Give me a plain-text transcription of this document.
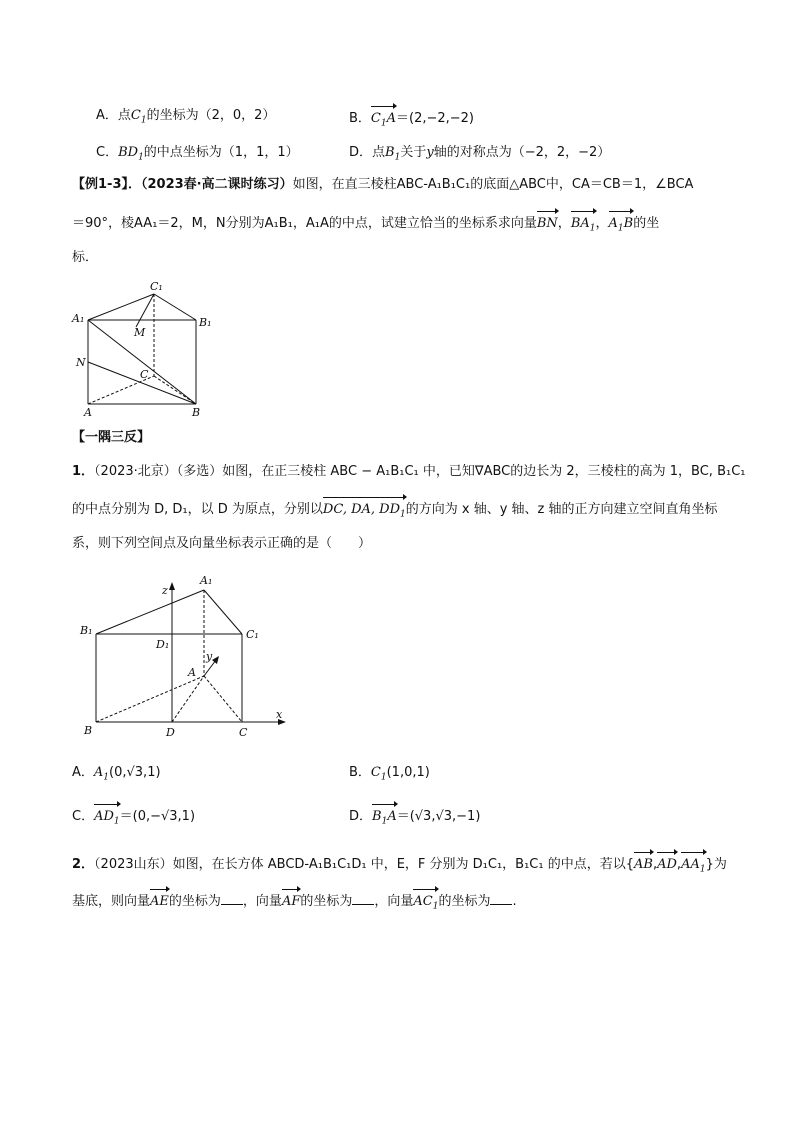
A．点$C_1$的坐标为（2，0，2）	B．$C_1A=(2,-2,-2)$
C．$BD_1$的中点坐标为（1，1，1）	D．点$B_1$关于y轴的对称点为（−2，2，−2）
【例1-3】．（2023春·高二课时练习）如图，在直三棱柱ABC-A₁B₁C₁的底面△ABC中，CA＝CB＝1，∠BCA
＝90°，棱AA₁＝2，M，N分别为A₁B₁，A₁A的中点，试建立恰当的坐标系求向量BN，$BA_1$，$A_1B$的坐
标．
C₁
A₁	B₁
M
N
C
A	B
【一隅三反】
1．（2023·北京）（多选）如图，在正三棱柱 ABC − A₁B₁C₁ 中，已知∇ABC的边长为 2，三棱柱的高为 1，BC, B₁C₁
的中点分别为 D, D₁，以 D 为原点，分别以DC, DA, $DD_1$的方向为 x 轴、y 轴、z 轴的正方向建立空间直角坐标
系，则下列空间点及向量坐标表示正确的是（　　）
A₁
z
B₁	C₁
D₁
y
A
x
B	D	C
A．$A_1(0,√3,1)$	B．$C_1(1,0,1)$
C．$AD_1=(0,-√3,1)$	D．$B_1A=(√3,√3,-1)$
2．（2023山东）如图，在长方体 ABCD-A₁B₁C₁D₁ 中，E，F 分别为 D₁C₁，B₁C₁ 的中点，若以$\{AB,AD,AA_1\}$为
基底，则向量AE的坐标为 ，向量AF的坐标为 ，向量$AC_1$的坐标为 .
